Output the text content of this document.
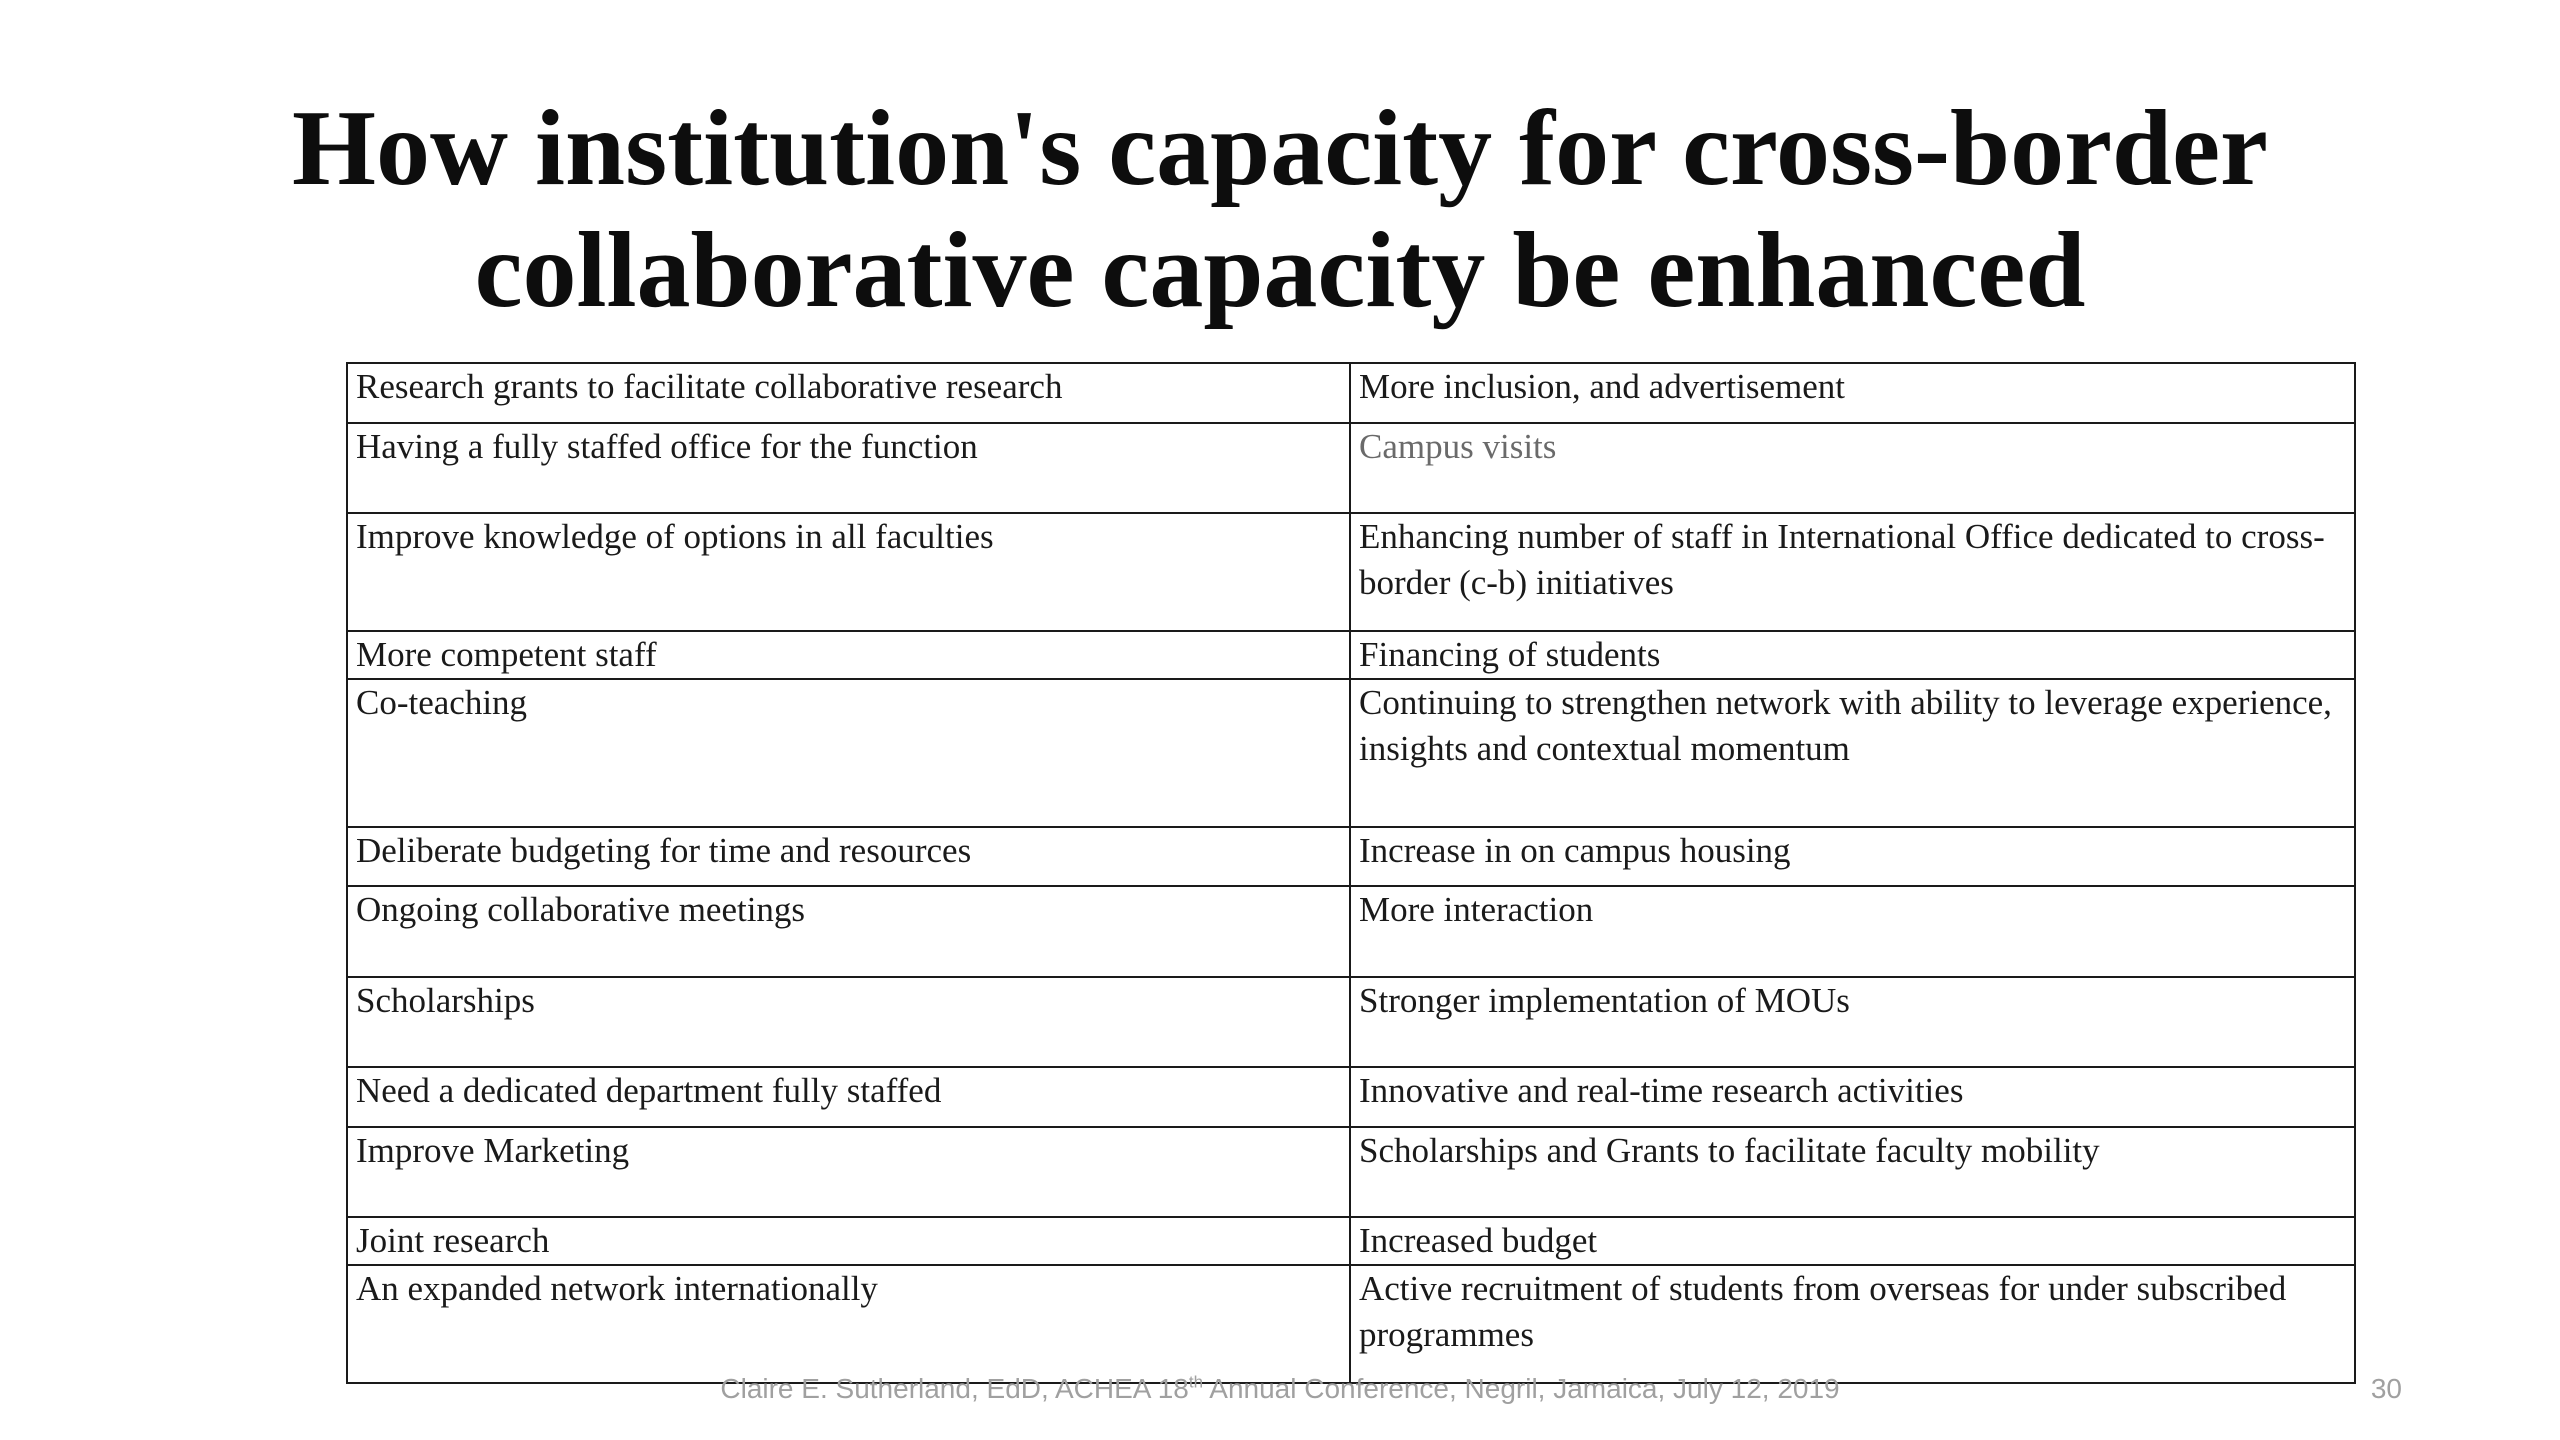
How institution's capacity for cross-border
collaborative capacity be enhanced
Research grants to facilitate collaborative research	More inclusion, and advertisement
Having a fully staffed office for the function	Campus visits
Improve knowledge of options in all faculties	Enhancing number of staff in International Office dedicated to cross-border (c-b) initiatives
More competent staff	Financing of students
Co-teaching	Continuing to strengthen network with ability to leverage experience, insights and contextual momentum
Deliberate budgeting for time and resources	Increase in on campus housing
Ongoing collaborative meetings	More interaction
Scholarships	Stronger implementation of MOUs
Need a dedicated department fully staffed	Innovative and real-time research activities
Improve Marketing	Scholarships and Grants to facilitate faculty mobility
Joint research	Increased budget
An expanded network internationally	Active recruitment of students from overseas for under subscribed programmes
Claire E. Sutherland, EdD, ACHEA 18th Annual Conference, Negril, Jamaica, July 12, 2019	30
